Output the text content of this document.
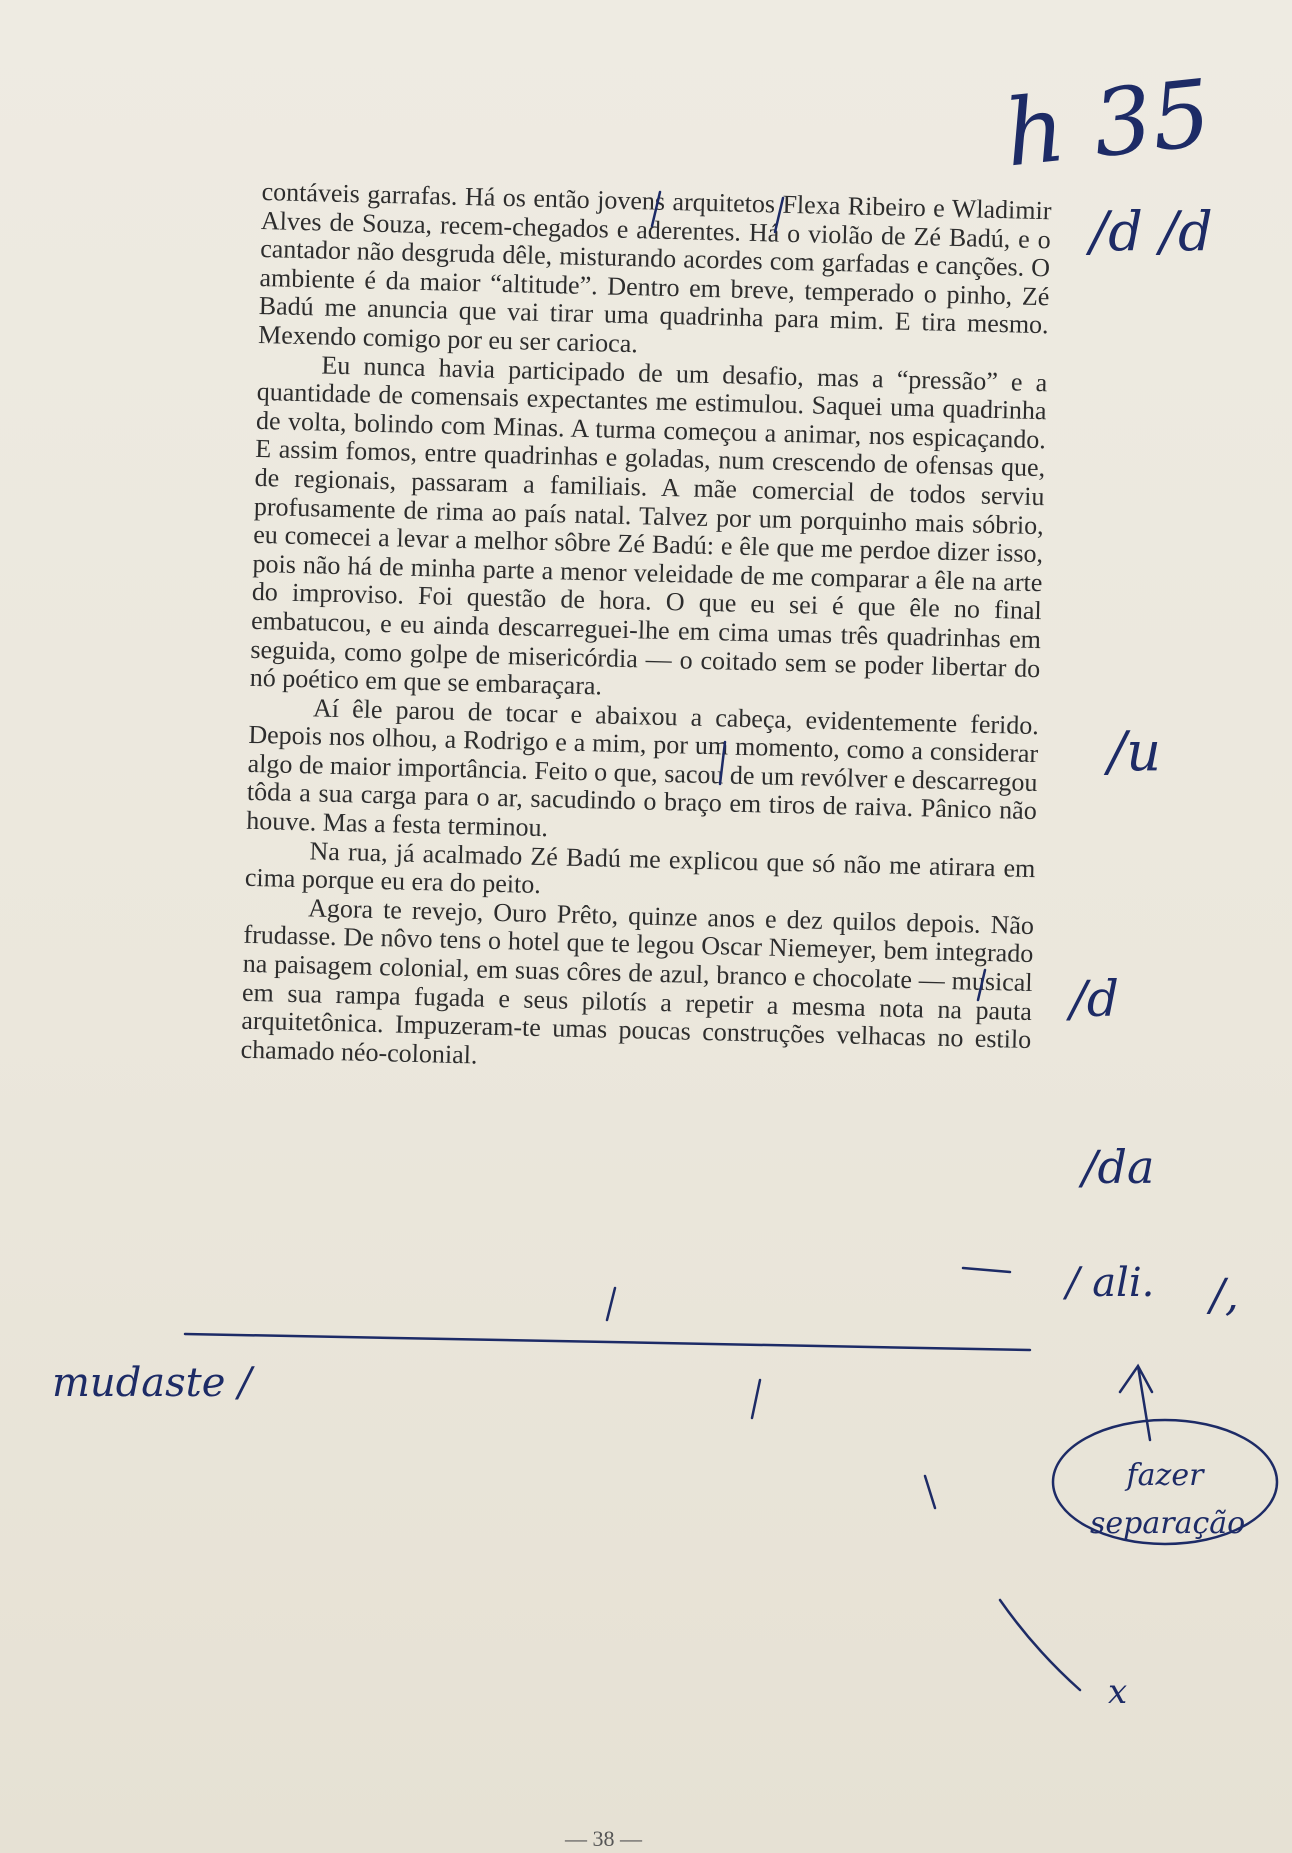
contáveis garrafas. Há os então jovens arquitetos Flexa Ribeiro e Wladimir Alves de Souza, recem-chegados e aderentes. Há o violão de Zé Badú, e o cantador não desgruda dêle, misturando acordes com garfadas e canções. O ambiente é da maior “altitude”. Dentro em breve, temperado o pinho, Zé Badú me anuncia que vai tirar uma quadrinha para mim. E tira mesmo. Mexendo comigo por eu ser carioca.

Eu nunca havia participado de um desafio, mas a “pressão” e a quantidade de comensais expectantes me estimulou. Saquei uma quadrinha de volta, bolindo com Minas. A turma começou a animar, nos espicaçando. E assim fomos, entre quadrinhas e goladas, num crescendo de ofensas que, de regionais, passaram a familiais. A mãe comercial de todos serviu profusamente de rima ao país natal. Talvez por um porquinho mais sóbrio, eu comecei a levar a melhor sôbre Zé Badú: e êle que me perdoe dizer isso, pois não há de minha parte a menor veleidade de me comparar a êle na arte do improviso. Foi questão de hora. O que eu sei é que êle no final embatucou, e eu ainda descarreguei-lhe em cima umas três quadrinhas em seguida, como golpe de misericórdia — o coitado sem se poder libertar do nó poético em que se embaraçara.

Aí êle parou de tocar e abaixou a cabeça, evidentemente ferido. Depois nos olhou, a Rodrigo e a mim, por um momento, como a considerar algo de maior importância. Feito o que, sacou de um revólver e descarregou tôda a sua carga para o ar, sacudindo o braço em tiros de raiva. Pânico não houve. Mas a festa terminou.

Na rua, já acalmado Zé Badú me explicou que só não me atirara em cima porque eu era do peito.

Agora te revejo, Ouro Prêto, quinze anos e dez quilos depois. Não frudasse. De nôvo tens o hotel que te legou Oscar Niemeyer, bem integrado na paisagem colonial, em suas côres de azul, branco e chocolate — musical em sua rampa fugada e seus pilotís a repetir a mesma nota na pauta arquitetônica. Impuzeram-te umas poucas construções velhacas no estilo chamado néo-colonial.

h 35
/d /d
/u
/d
/da
/ ali. /,
mudaste /
fazer separação
x
— 38 —
